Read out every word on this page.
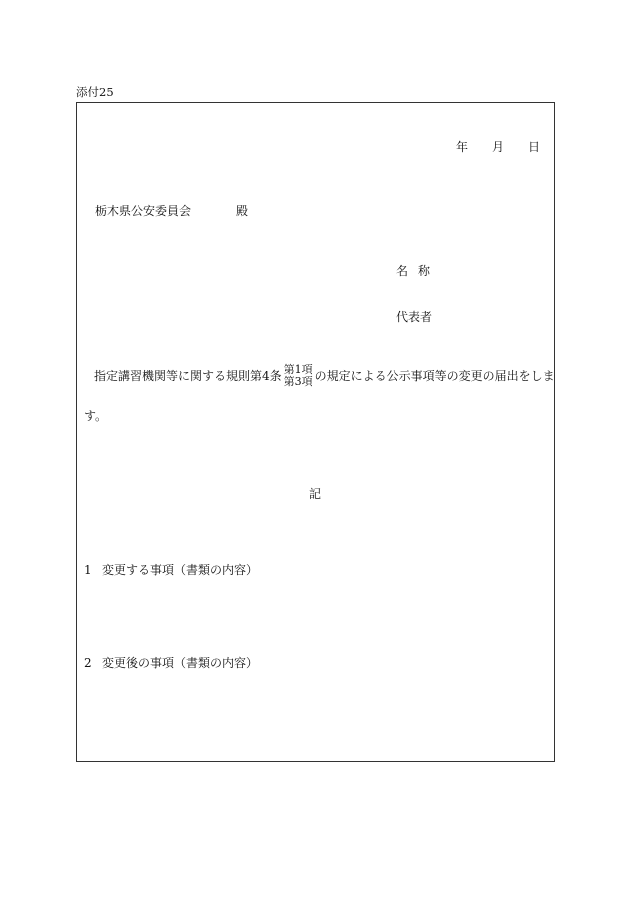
添付25
年 月 日
栃木県公安委員会	殿
名称
代表者
指定講習機関等に関する規則第4条 第1項
第3項 の規定による公示事項等の変更の届出をしま
す。
記
1 変更する事項（書類の内容）
2 変更後の事項（書類の内容）
